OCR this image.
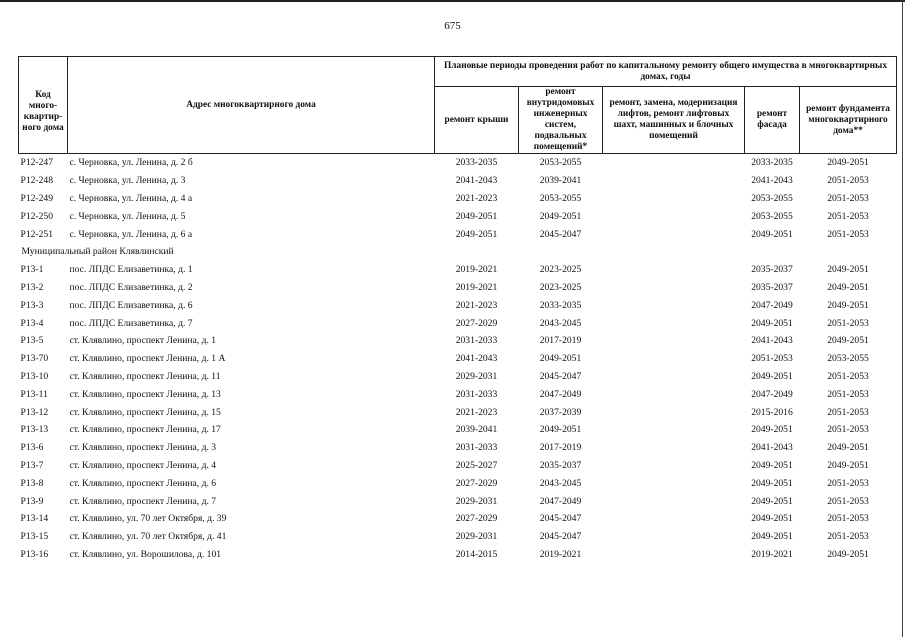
675
Код много-квартир-ного дома	Адрес многоквартирного дома	Плановые периоды проведения работ по капитальному ремонту общего имущества в многоквартирных домах, годы				
		ремонт крыши	ремонт внутридомовых инженерных систем, подвальных помещений*	ремонт, замена, модернизация лифтов, ремонт лифтовых шахт, машинных и блочных помещений	ремонт фасада	ремонт фундамента многоквартирного дома**
Р12-247	с. Черновка, ул. Ленина, д. 2 б	2033-2035	2053-2055		2033-2035	2049-2051
Р12-248	с. Черновка, ул. Ленина, д. 3	2041-2043	2039-2041		2041-2043	2051-2053
Р12-249	с. Черновка, ул. Ленина, д. 4 а	2021-2023	2053-2055		2053-2055	2051-2053
Р12-250	с. Черновка, ул. Ленина, д. 5	2049-2051	2049-2051		2053-2055	2051-2053
Р12-251	с. Черновка, ул. Ленина, д. 6 а	2049-2051	2045-2047		2049-2051	2051-2053
Муниципальный район Клявлинский						
Р13-1	пос. ЛПДС Елизаветинка, д. 1	2019-2021	2023-2025		2035-2037	2049-2051
Р13-2	пос. ЛПДС Елизаветинка, д. 2	2019-2021	2023-2025		2035-2037	2049-2051
Р13-3	пос. ЛПДС Елизаветинка, д. 6	2021-2023	2033-2035		2047-2049	2049-2051
Р13-4	пос. ЛПДС Елизаветинка, д. 7	2027-2029	2043-2045		2049-2051	2051-2053
Р13-5	ст. Клявлино, проспект Ленина, д. 1	2031-2033	2017-2019		2041-2043	2049-2051
Р13-70	ст. Клявлино, проспект Ленина, д. 1 А	2041-2043	2049-2051		2051-2053	2053-2055
Р13-10	ст. Клявлино, проспект Ленина, д. 11	2029-2031	2045-2047		2049-2051	2051-2053
Р13-11	ст. Клявлино, проспект Ленина, д. 13	2031-2033	2047-2049		2047-2049	2051-2053
Р13-12	ст. Клявлино, проспект Ленина, д. 15	2021-2023	2037-2039		2015-2016	2051-2053
Р13-13	ст. Клявлино, проспект Ленина, д. 17	2039-2041	2049-2051		2049-2051	2051-2053
Р13-6	ст. Клявлино, проспект Ленина, д. 3	2031-2033	2017-2019		2041-2043	2049-2051
Р13-7	ст. Клявлино, проспект Ленина, д. 4	2025-2027	2035-2037		2049-2051	2049-2051
Р13-8	ст. Клявлино, проспект Ленина, д. 6	2027-2029	2043-2045		2049-2051	2051-2053
Р13-9	ст. Клявлино, проспект Ленина, д. 7	2029-2031	2047-2049		2049-2051	2051-2053
Р13-14	ст. Клявлино, ул. 70 лет Октября, д. 39	2027-2029	2045-2047		2049-2051	2051-2053
Р13-15	ст. Клявлино, ул. 70 лет Октября, д. 41	2029-2031	2045-2047		2049-2051	2051-2053
Р13-16	ст. Клявлино, ул. Ворошилова, д. 101	2014-2015	2019-2021		2019-2021	2049-2051
